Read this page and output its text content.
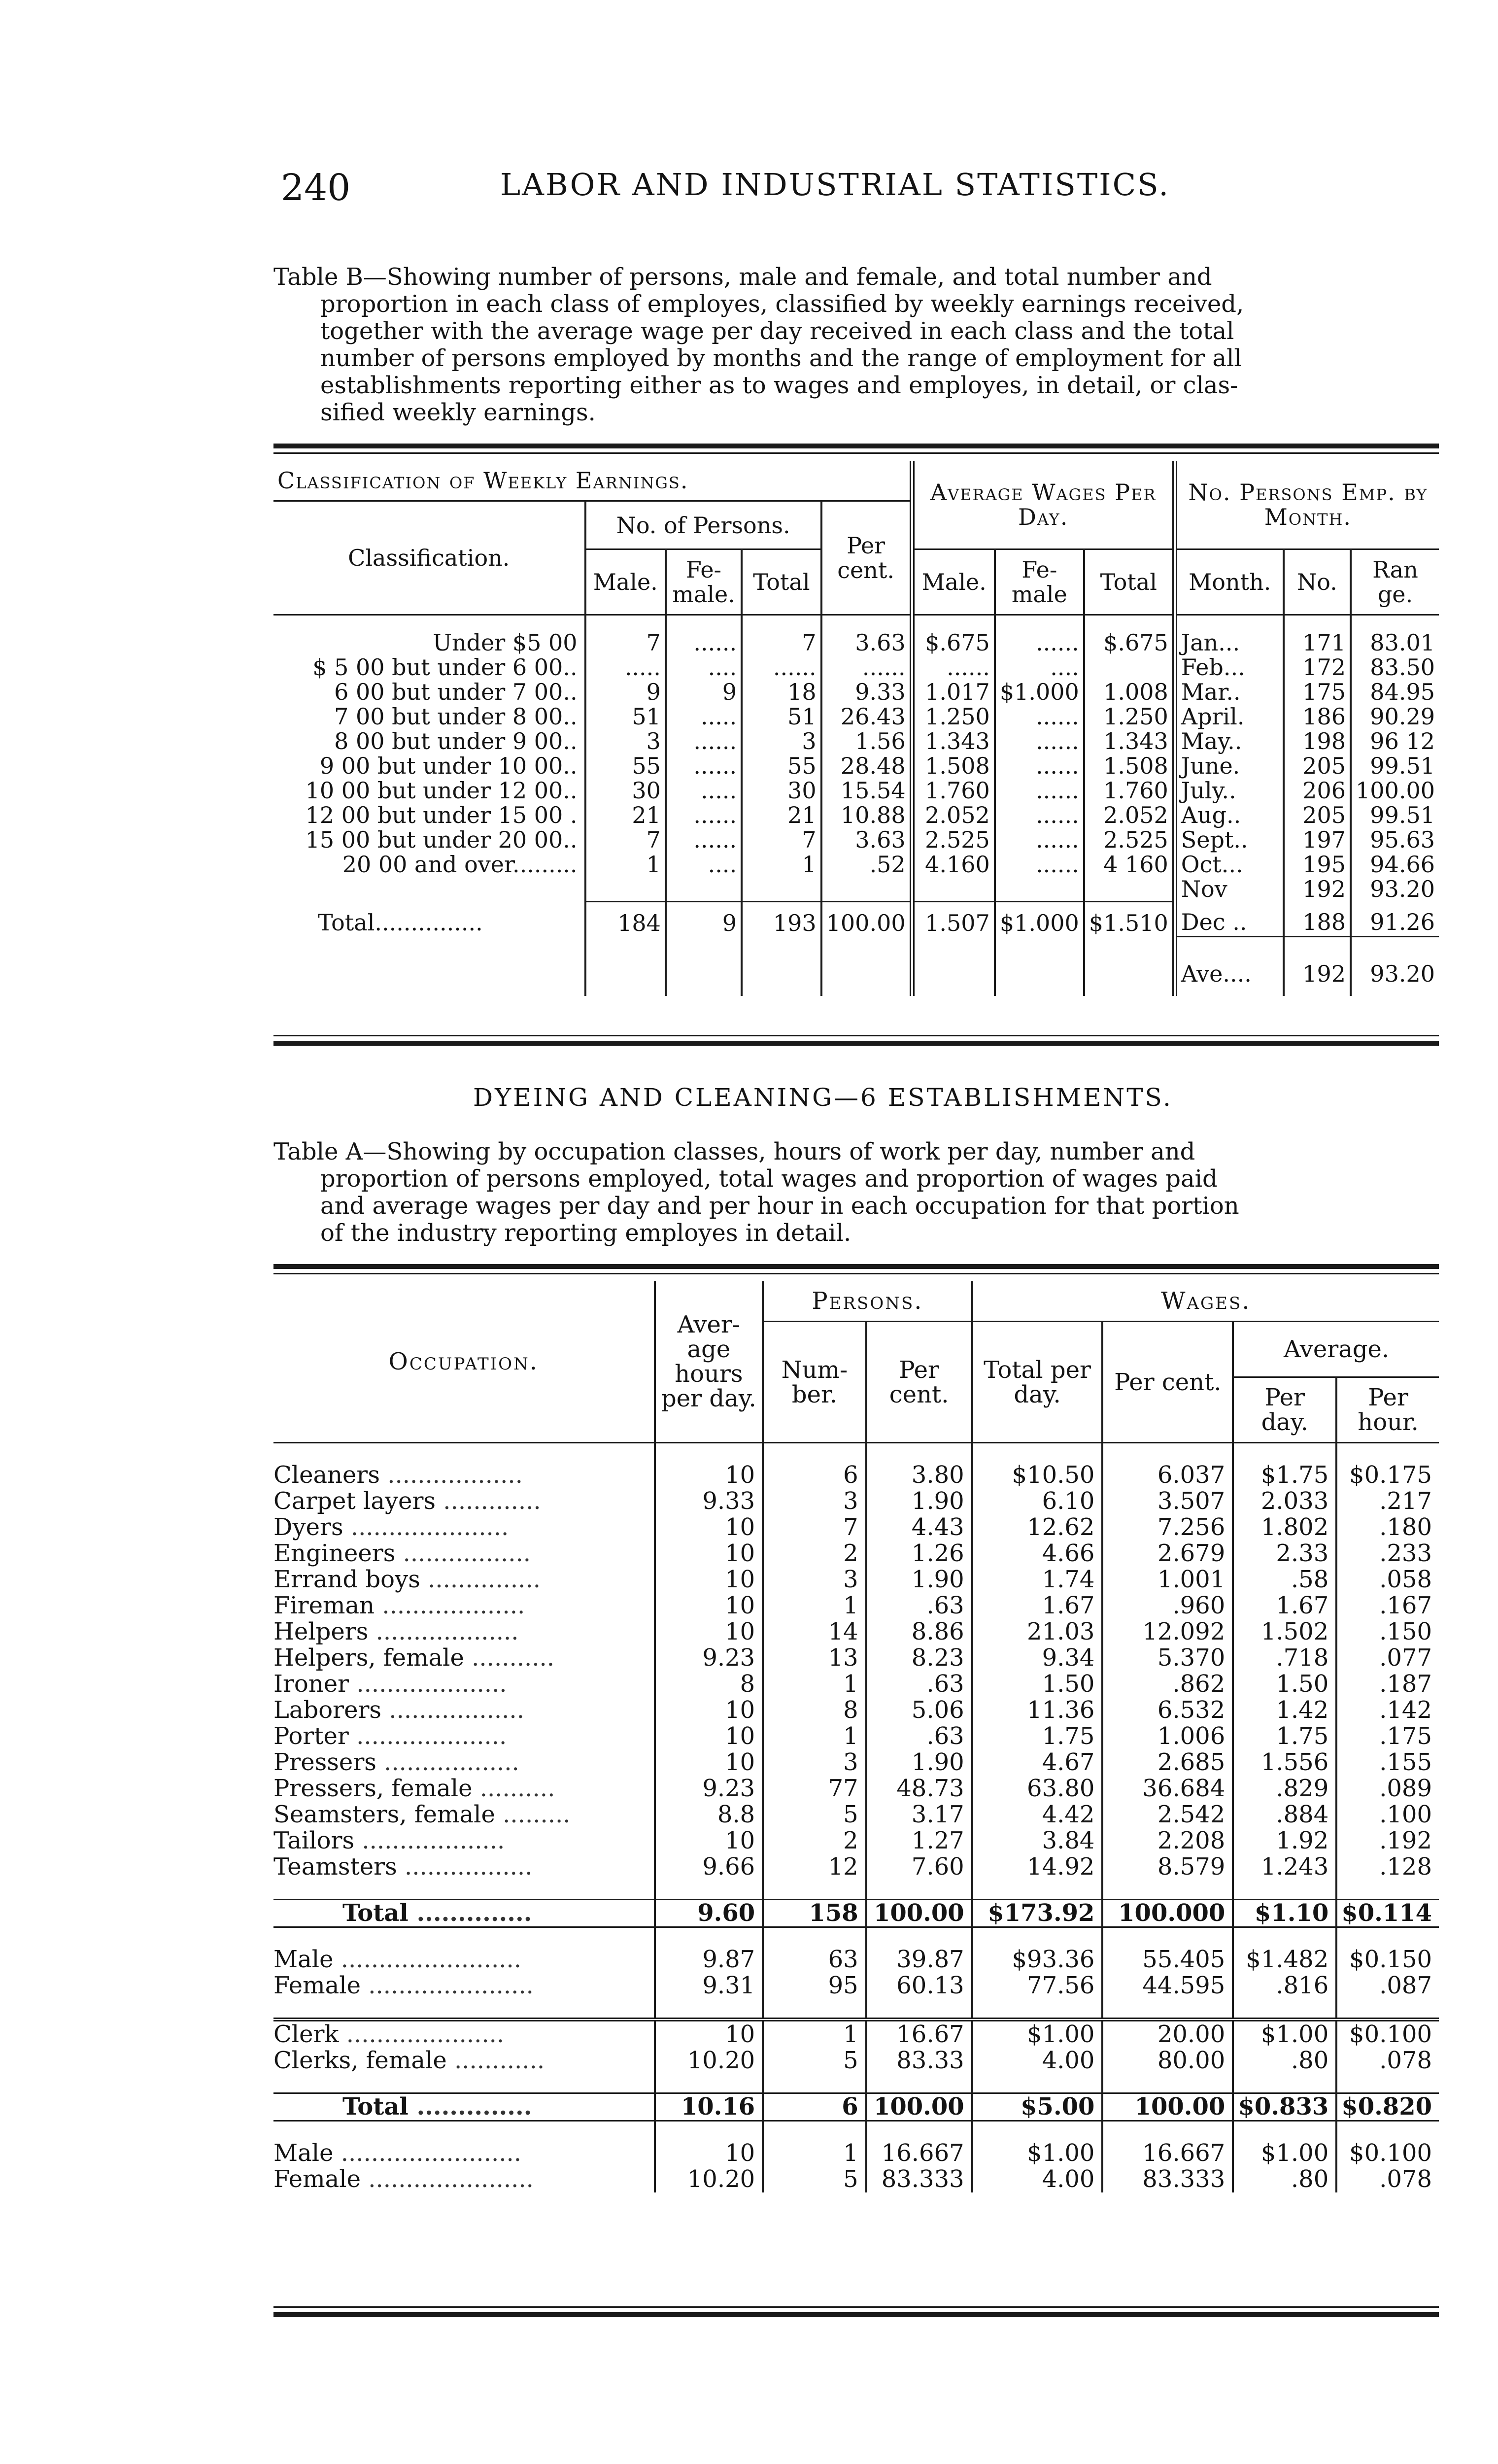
240	LABOR AND INDUSTRIAL STATISTICS.
Table B—Showing number of persons, male and female, and total number and
proportion in each class of employes, classified by weekly earnings received,
together with the average wage per day received in each class and the total
number of persons employed by months and the range of employment for all
establishments reporting either as to wages and employes, in detail, or clas-
sified weekly earnings.
Classification of Weekly Earnings.					Average Wages Per Day.			No. Persons Emp. by Month.		
Classification.	No. of Persons.			Per cent.						
	Male.	Fe-male.	Total		Male.	Fe-male	Total	Month.	No.	Ran ge.

Under $5 00	7	......	7	3.63	$.675	......	$.675	Jan...	171	83.01
$ 5 00 but under 6 00..	.....	....	......	......	......	....		Feb...	172	83.50
6 00 but under 7 00..	9	9	18	9.33	1.017	$1.000	1.008	Mar..	175	84.95
7 00 but under 8 00..	51	.....	51	26.43	1.250	......	1.250	April.	186	90.29
8 00 but under 9 00..	3	......	3	1.56	1.343	......	1.343	May..	198	96 12
9 00 but under 10 00..	55	......	55	28.48	1.508	......	1.508	June.	205	99.51
10 00 but under 12 00..	30	.....	30	15.54	1.760	......	1.760	July..	206	100.00
12 00 but under 15 00 .	21	......	21	10.88	2.052	......	2.052	Aug..	205	99.51
15 00 but under 20 00..	7	......	7	3.63	2.525	......	2.525	Sept..	197	95.63
20 00 and over.........	1	....	1	.52	4.160	......	4 160	Oct...	195	94.66
								Nov	192	93.20
Total...............	184	9	193	100.00	1.507	$1.000	$1.510	Dec ..	188	91.26
								Ave....	192	93.20
DYEING AND CLEANING—6 ESTABLISHMENTS.
Table A—Showing by occupation classes, hours of work per day, number and
proportion of persons employed, total wages and proportion of wages paid
and average wages per day and per hour in each occupation for that portion
of the industry reporting employes in detail.
Occupation.	Aver-age hours per day.	Persons.		Wages.			
		Num-ber.	Per cent.	Total per day.	Per cent.	Average.	
						Per day.	Per hour.

Cleaners ..................	10	6	3.80	$10.50	6.037	$1.75	$0.175
Carpet layers .............	9.33	3	1.90	6.10	3.507	2.033	.217
Dyers .....................	10	7	4.43	12.62	7.256	1.802	.180
Engineers .................	10	2	1.26	4.66	2.679	2.33	.233
Errand boys ...............	10	3	1.90	1.74	1.001	.58	.058
Fireman ...................	10	1	.63	1.67	.960	1.67	.167
Helpers ...................	10	14	8.86	21.03	12.092	1.502	.150
Helpers, female ...........	9.23	13	8.23	9.34	5.370	.718	.077
Ironer ....................	8	1	.63	1.50	.862	1.50	.187
Laborers ..................	10	8	5.06	11.36	6.532	1.42	.142
Porter ....................	10	1	.63	1.75	1.006	1.75	.175
Pressers ..................	10	3	1.90	4.67	2.685	1.556	.155
Pressers, female ..........	9.23	77	48.73	63.80	36.684	.829	.089
Seamsters, female .........	8.8	5	3.17	4.42	2.542	.884	.100
Tailors ...................	10	2	1.27	3.84	2.208	1.92	.192
Teamsters .................	9.66	12	7.60	14.92	8.579	1.243	.128

Total ..............	9.60	158	100.00	$173.92	100.000	$1.10	$0.114

Male ........................	9.87	63	39.87	$93.36	55.405	$1.482	$0.150
Female ......................	9.31	95	60.13	77.56	44.595	.816	.087

Clerk .....................	10	1	16.67	$1.00	20.00	$1.00	$0.100
Clerks, female ............	10.20	5	83.33	4.00	80.00	.80	.078

Total ..............	10.16	6	100.00	$5.00	100.00	$0.833	$0.820

Male ........................	10	1	16.667	$1.00	16.667	$1.00	$0.100
Female ......................	10.20	5	83.333	4.00	83.333	.80	.078
